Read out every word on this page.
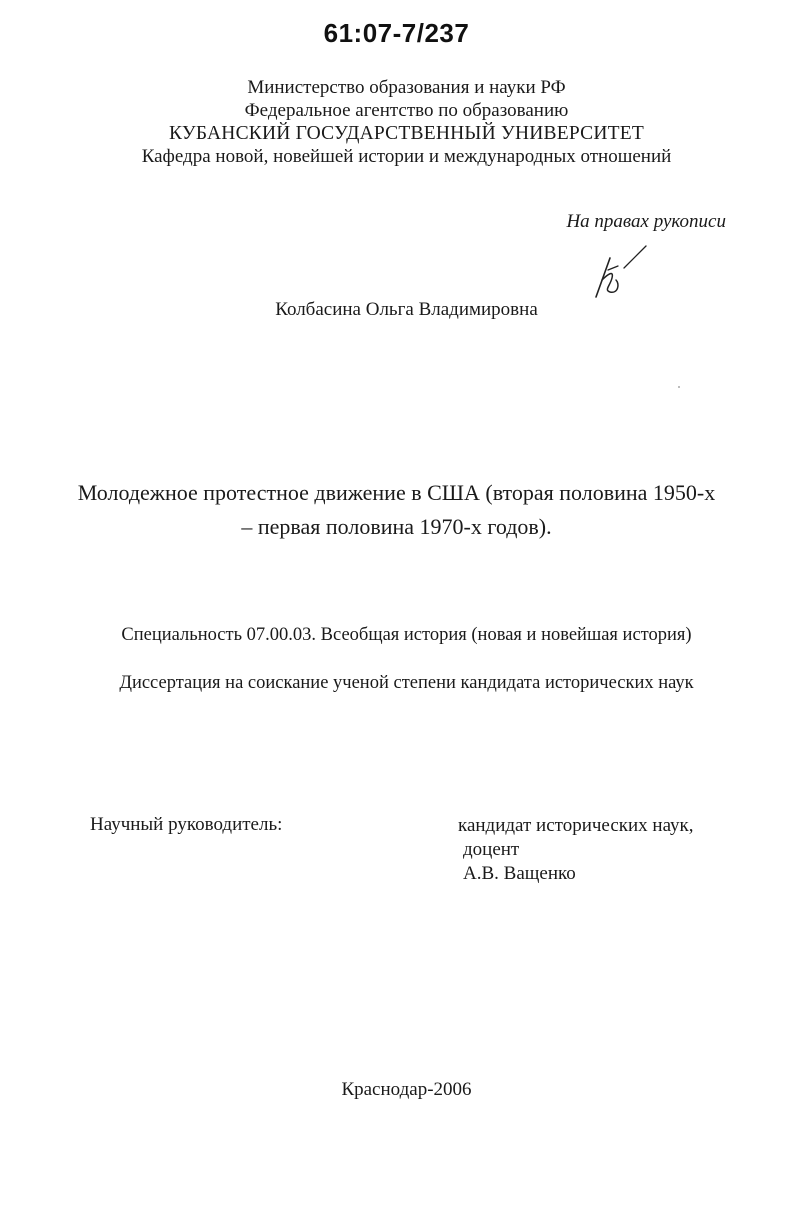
61:07-7/237
Министерство образования и науки РФ
Федеральное агентство по образованию
КУБАНСКИЙ ГОСУДАРСТВЕННЫЙ УНИВЕРСИТЕТ
Кафедра новой, новейшей истории и международных отношений
На правах рукописи
Колбасина Ольга Владимировна
Молодежное протестное движение в США (вторая половина 1950-х
– первая половина 1970-х годов).
Специальность 07.00.03. Всеобщая история (новая и новейшая история)
Диссертация на соискание ученой степени кандидата исторических наук
Научный руководитель:	кандидат исторических наук,
доцент
А.В. Ващенко
Краснодар-2006
